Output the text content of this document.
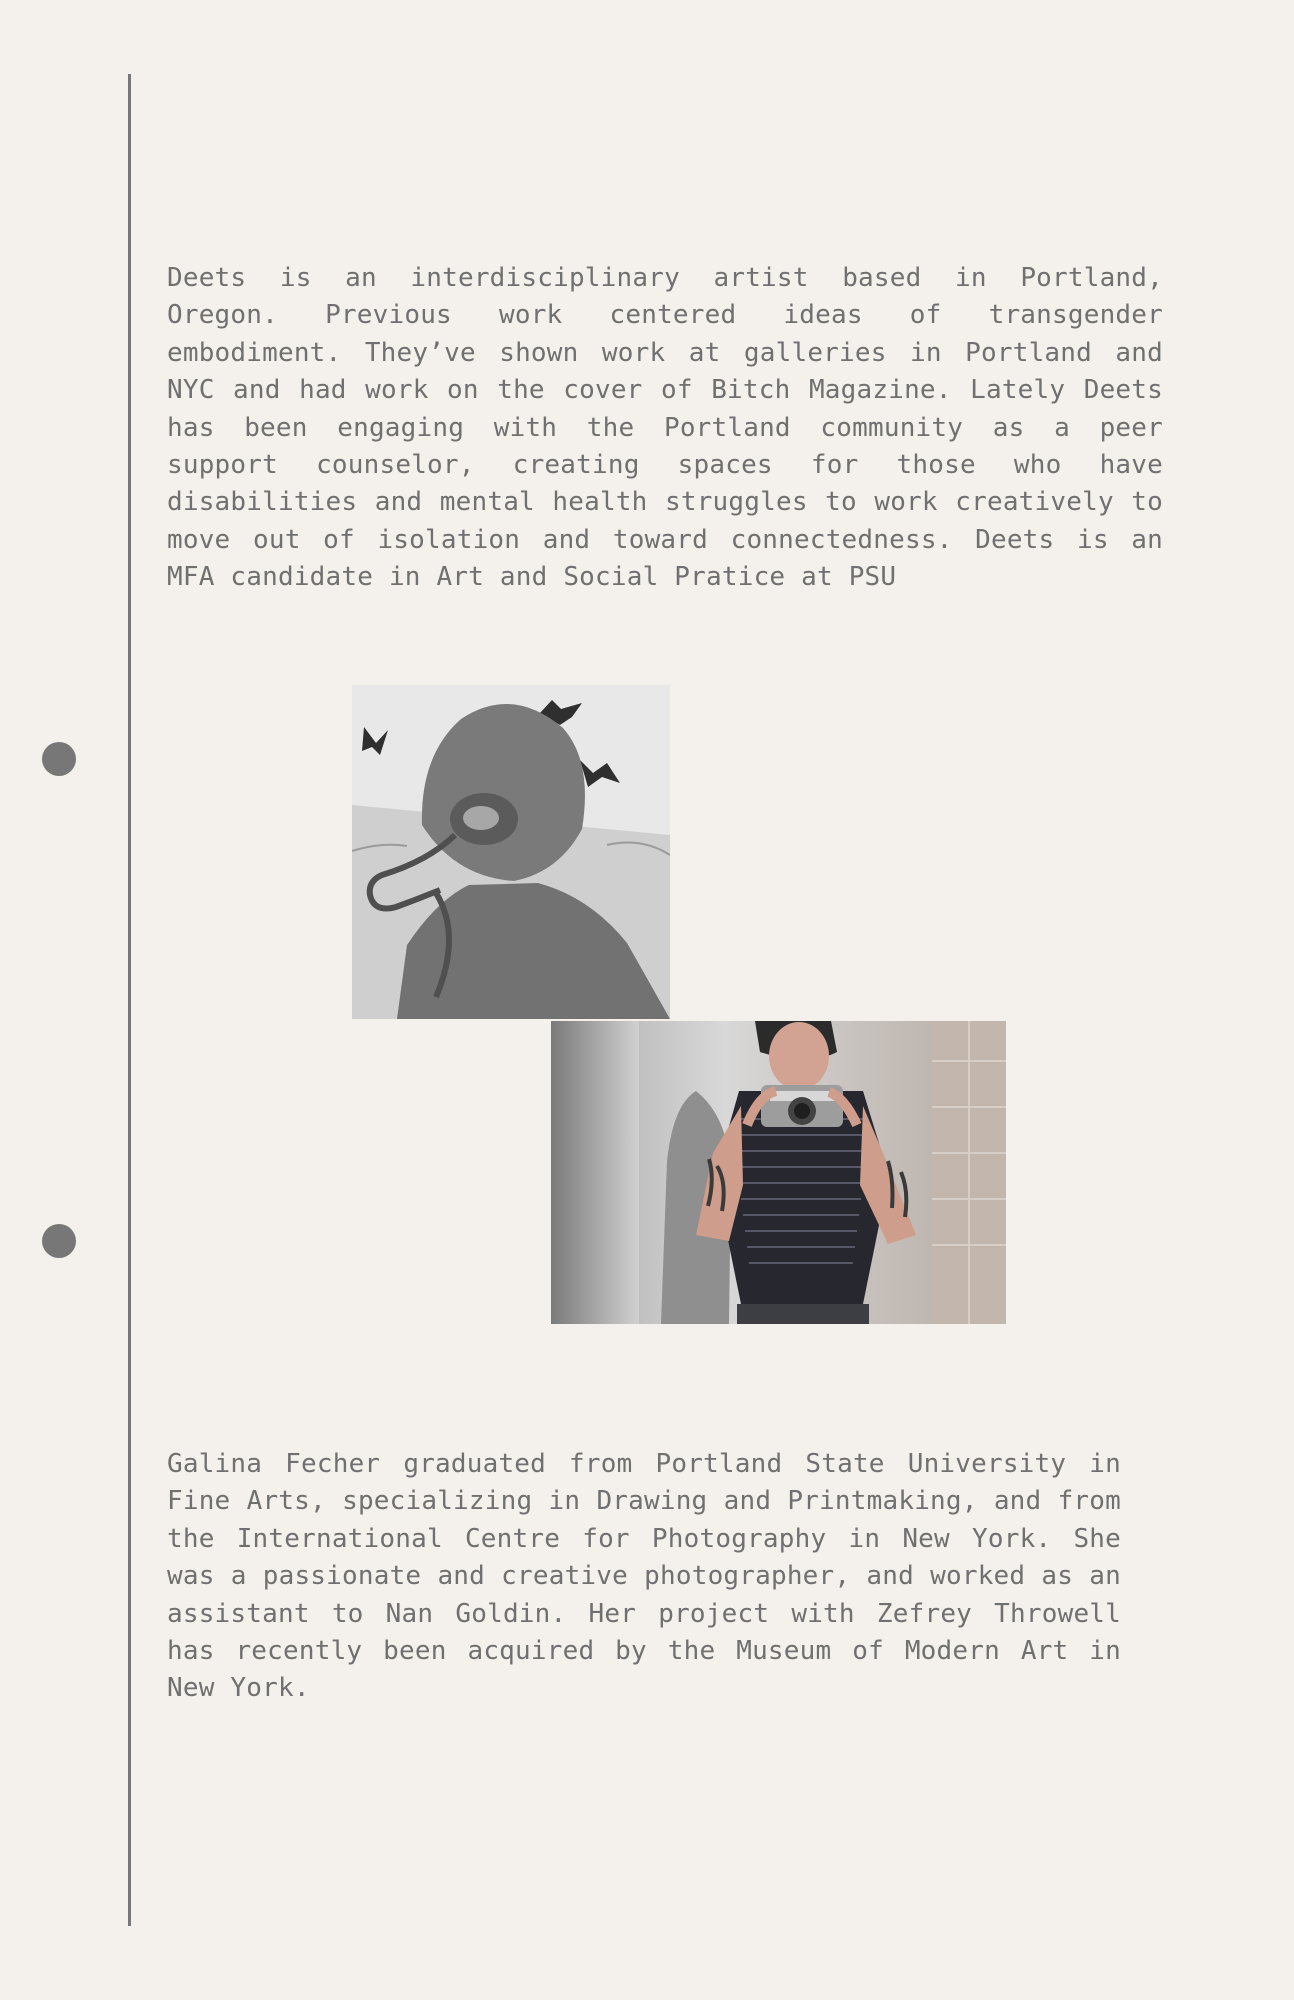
Deets is an interdisciplinary artist based in Portland, Oregon. Previous work centered ideas of transgender embodiment. They’ve shown work at galleries in Portland and NYC and had work on the cover of Bitch Magazine. Lately Deets has been engaging with the Portland community as a peer support counselor, creating spaces for those who have disabilities and mental health struggles to work creatively to move out of isolation and toward connectedness. Deets is an MFA candidate in Art and Social Pratice at PSU
Galina Fecher graduated from Portland State University in Fine Arts, specializing in Drawing and Printmaking, and from the International Centre for Photography in New York. She was a passionate and creative photographer, and worked as an assistant to Nan Goldin. Her project with Zefrey Throwell has recently been acquired by the Museum of Modern Art in New York.
